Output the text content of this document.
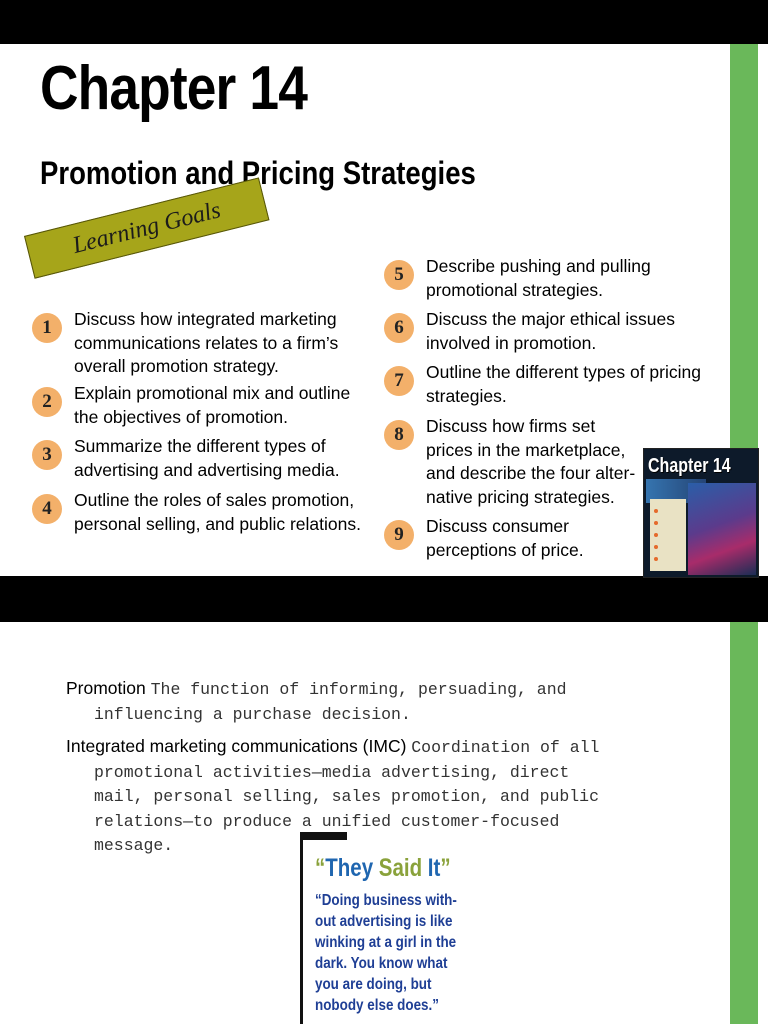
Chapter 14
Promotion and Pricing Strategies
Learning Goals
1	Discuss how integrated marketing communications relates to a firm’s overall promotion strategy.
2	Explain promotional mix and outline the objectives of promotion.
3	Summarize the different types of advertising and advertising media.
4	Outline the roles of sales promotion, personal selling, and public relations.
5	Describe pushing and pulling promotional strategies.
6	Discuss the major ethical issues involved in promotion.
7	Outline the different types of pricing strategies.
8	Discuss how firms set prices in the marketplace, and describe the four alter-native pricing strategies.
9	Discuss consumer perceptions of price.
Chapter 14

Promotion The function of informing, persuading, and

influencing a purchase decision.

Integrated marketing communications (IMC) Coordination of all

promotional activities—media advertising, direct

mail, personal selling, sales promotion, and public

relations—to produce a unified customer-focused

message.

“They Said It”
“Doing business with-out advertising is like winking at a girl in the dark. You know what you are doing, but nobody else does.”
